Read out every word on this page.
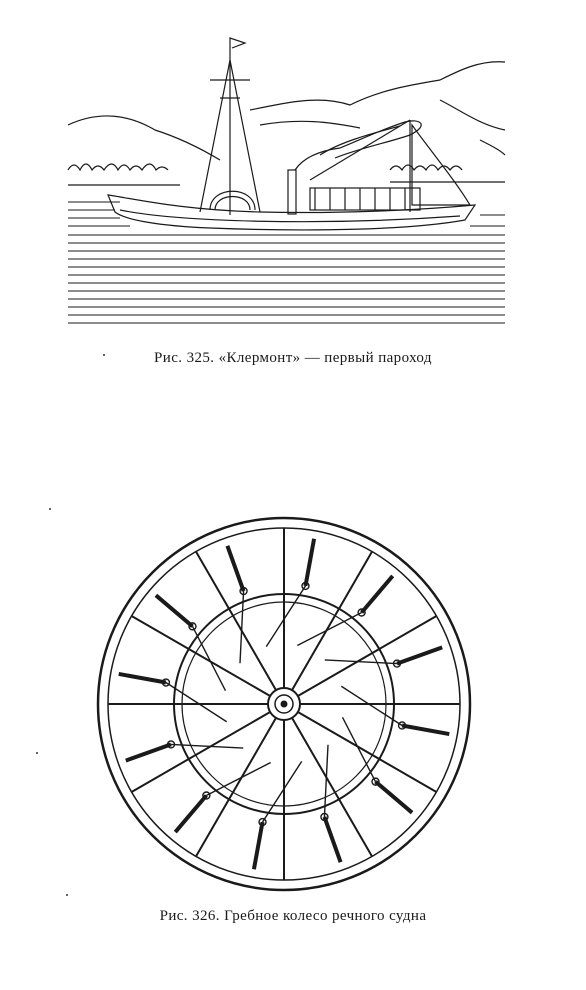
Рис. 325. «Клермонт» — первый пароход
Рис. 326. Гребное колесо речного судна
